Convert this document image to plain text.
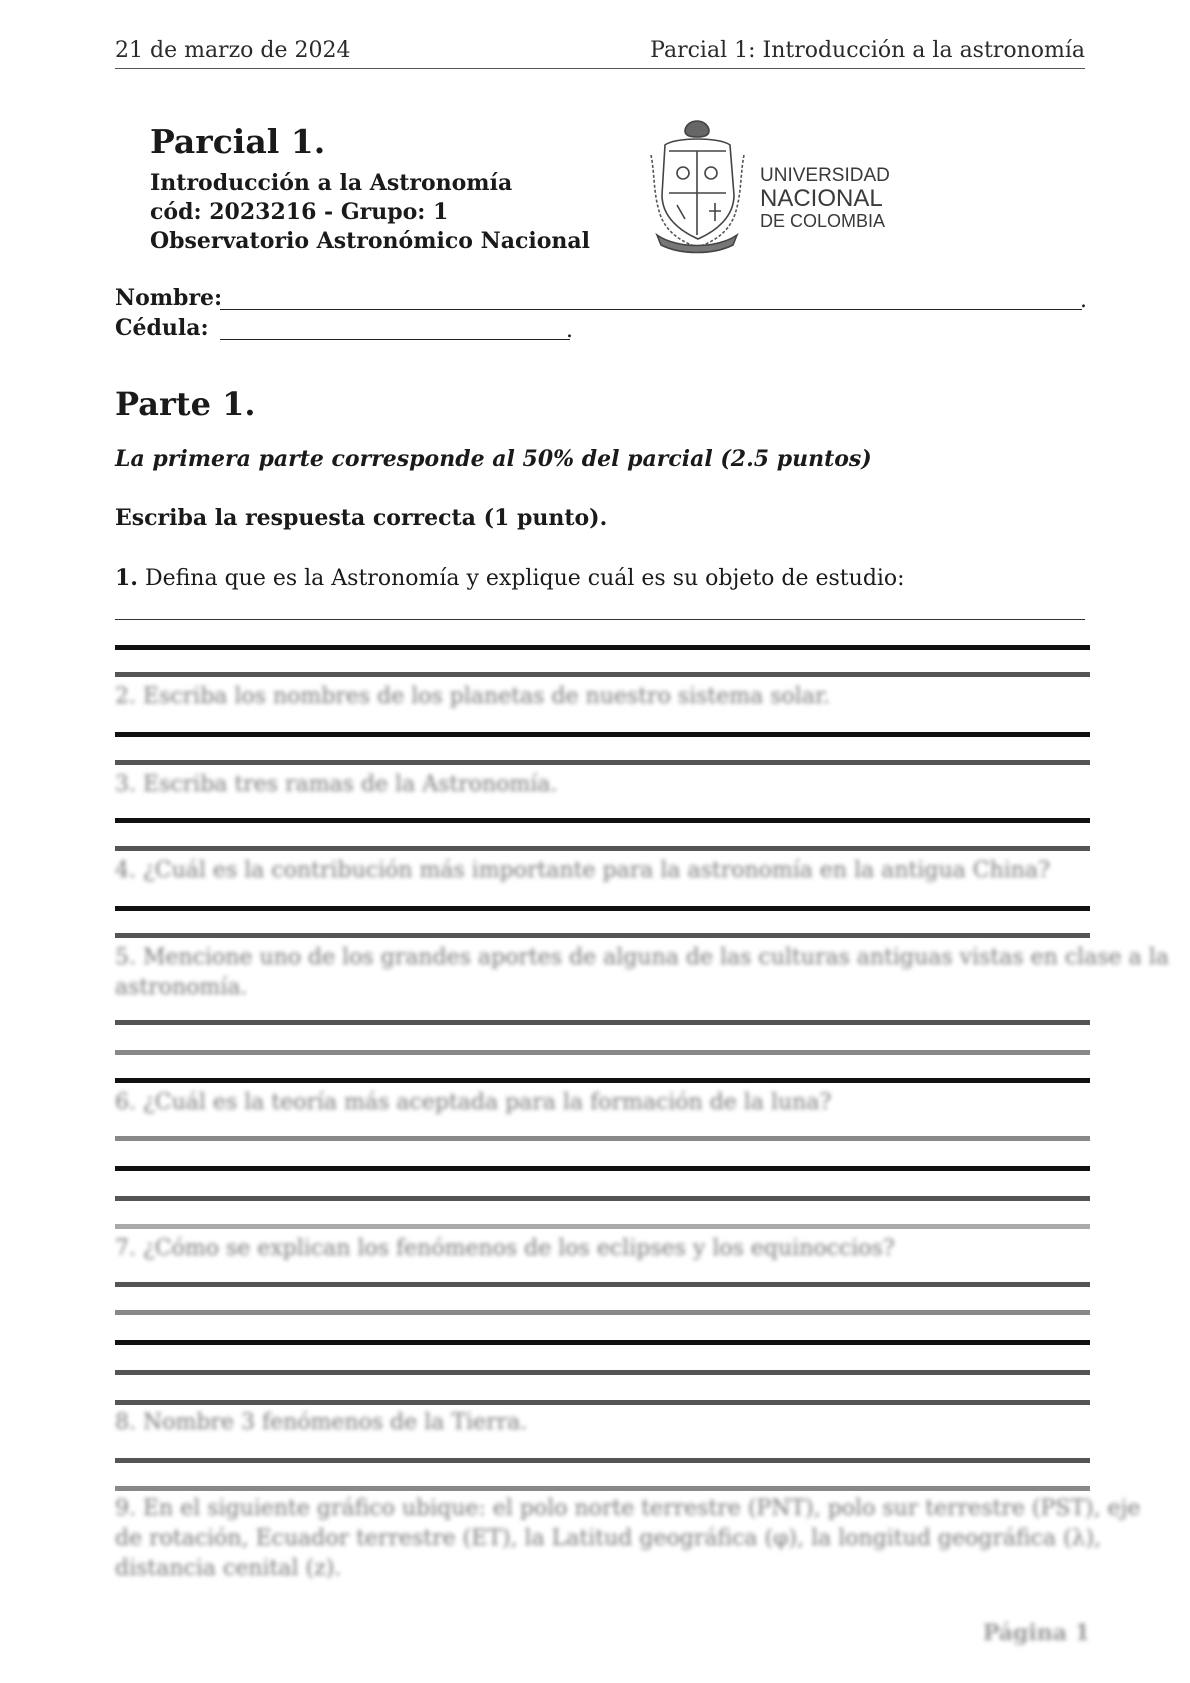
21 de marzo de 2024	Parcial 1: Introducción a la astronomía
Parcial 1.
Introducción a la Astronomía
cód: 2023216 - Grupo: 1
Observatorio Astronómico Nacional
UNIVERSIDAD
NACIONAL
DE COLOMBIA
Nombre:	.
Cédula:	.
Parte 1.
La primera parte corresponde al 50% del parcial (2.5 puntos)
Escriba la respuesta correcta (1 punto).
1. Defina que es la Astronomía y explique cuál es su objeto de estudio:
2. Escriba los nombres de los planetas de nuestro sistema solar.
3. Escriba tres ramas de la Astronomía.
4. ¿Cuál es la contribución más importante para la astronomía en la antigua China?
5. Mencione uno de los grandes aportes de alguna de las culturas antiguas vistas en clase a la
astronomía.
6. ¿Cuál es la teoría más aceptada para la formación de la luna?
7. ¿Cómo se explican los fenómenos de los eclipses y los equinoccios?
8. Nombre 3 fenómenos de la Tierra.
9. En el siguiente gráfico ubique: el polo norte terrestre (PNT), polo sur terrestre (PST), eje
de rotación, Ecuador terrestre (ET), la Latitud geográfica (φ), la longitud geográfica (λ),
distancia cenital (z).
Página 1
